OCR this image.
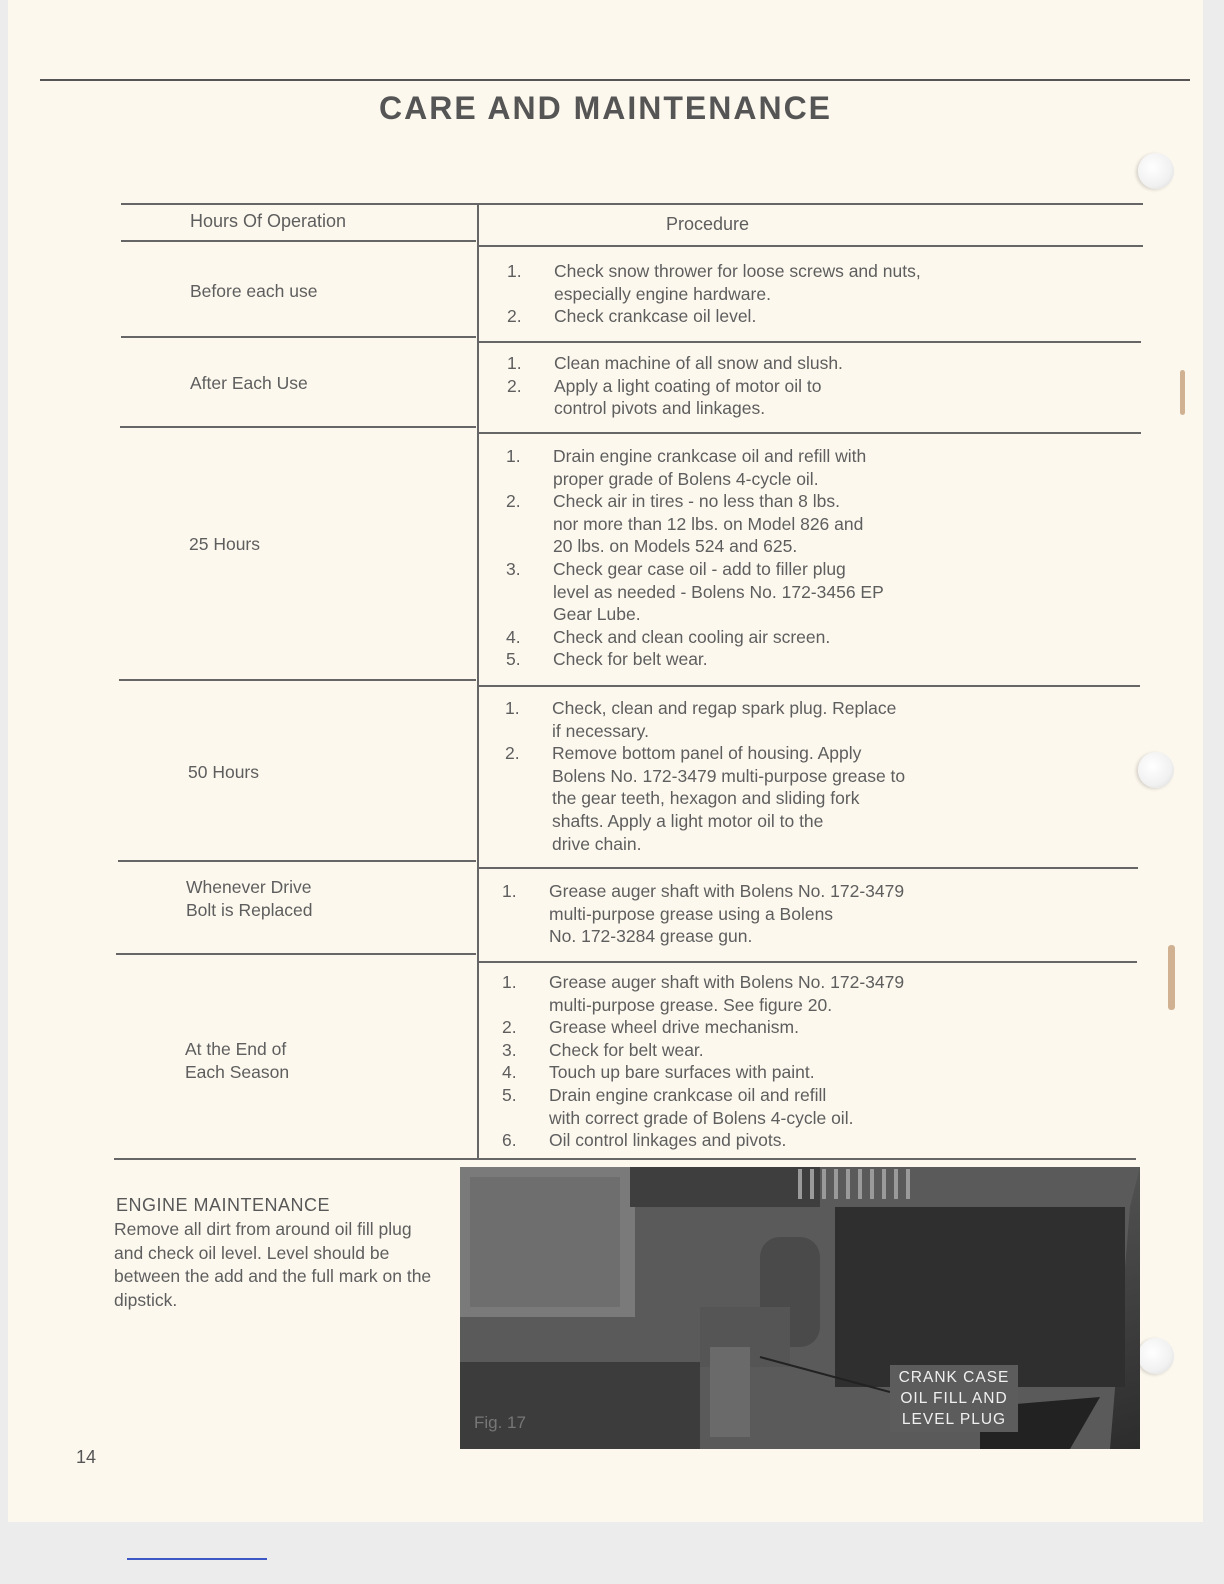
CARE AND MAINTENANCE
Hours Of Operation	Procedure
Before each use
1.	Check snow thrower for loose screws and nuts,
especially engine hardware.
2.	Check crankcase oil level.
After Each Use
1.	Clean machine of all snow and slush.
2.	Apply a light coating of motor oil to
control pivots and linkages.
25 Hours
1.	Drain engine crankcase oil and refill with
proper grade of Bolens 4-cycle oil.
2.	Check air in tires - no less than 8 lbs.
nor more than 12 lbs. on Model 826 and
20 lbs. on Models 524 and 625.
3.	Check gear case oil - add to filler plug
level as needed - Bolens No. 172-3456 EP
Gear Lube.
4.	Check and clean cooling air screen.
5.	Check for belt wear.
50 Hours
1.	Check, clean and regap spark plug. Replace
if necessary.
2.	Remove bottom panel of housing. Apply
Bolens No. 172-3479 multi-purpose grease to
the gear teeth, hexagon and sliding fork
shafts. Apply a light motor oil to the
drive chain.
Whenever Drive
Bolt is Replaced
1.	Grease auger shaft with Bolens No. 172-3479
multi-purpose grease using a Bolens
No. 172-3284 grease gun.
At the End of
Each Season
1.	Grease auger shaft with Bolens No. 172-3479
multi-purpose grease. See figure 20.
2.	Grease wheel drive mechanism.
3.	Check for belt wear.
4.	Touch up bare surfaces with paint.
5.	Drain engine crankcase oil and refill
with correct grade of Bolens 4-cycle oil.
6.	Oil control linkages and pivots.
ENGINE MAINTENANCE
Remove all dirt from around oil fill plug and check oil level. Level should be between the add and the full mark on the dipstick.
CRANK CASE
OIL FILL AND
LEVEL PLUG
Fig. 17
14
